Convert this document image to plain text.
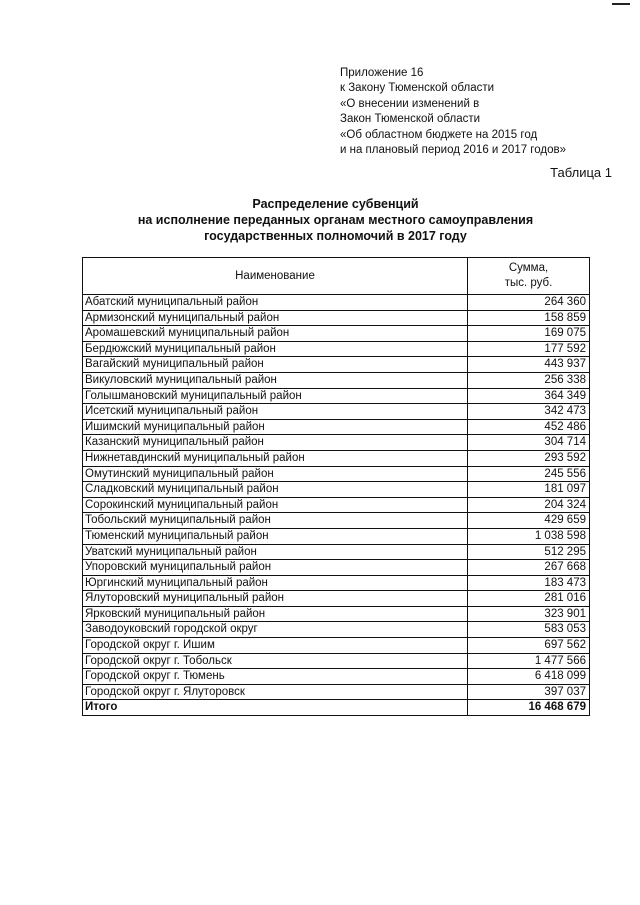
Приложение 16
к Закону Тюменской области
«О внесении изменений в
Закон Тюменской области
«Об областном бюджете на 2015 год
и на плановый период 2016 и 2017 годов»
Таблица 1
Распределение субвенций
на исполнение переданных органам местного самоуправления
государственных полномочий в 2017 году
Наименование	Сумма,
тыс. руб.

Абатский муниципальный район	264 360
Армизонский муниципальный район	158 859
Аромашевский муниципальный район	169 075
Бердюжский муниципальный район	177 592
Вагайский муниципальный район	443 937
Викуловский муниципальный район	256 338
Голышмановский муниципальный район	364 349
Исетский муниципальный район	342 473
Ишимский муниципальный район	452 486
Казанский муниципальный район	304 714
Нижнетавдинский муниципальный район	293 592
Омутинский муниципальный район	245 556
Сладковский муниципальный район	181 097
Сорокинский муниципальный район	204 324
Тобольский муниципальный район	429 659
Тюменский муниципальный район	1 038 598
Уватский муниципальный район	512 295
Упоровский муниципальный район	267 668
Юргинский муниципальный район	183 473
Ялуторовский муниципальный район	281 016
Ярковский муниципальный район	323 901
Заводоуковский городской округ	583 053
Городской округ г. Ишим	697 562
Городской округ г. Тобольск	1 477 566
Городской округ г. Тюмень	6 418 099
Городской округ г. Ялуторовск	397 037
Итого	16 468 679
